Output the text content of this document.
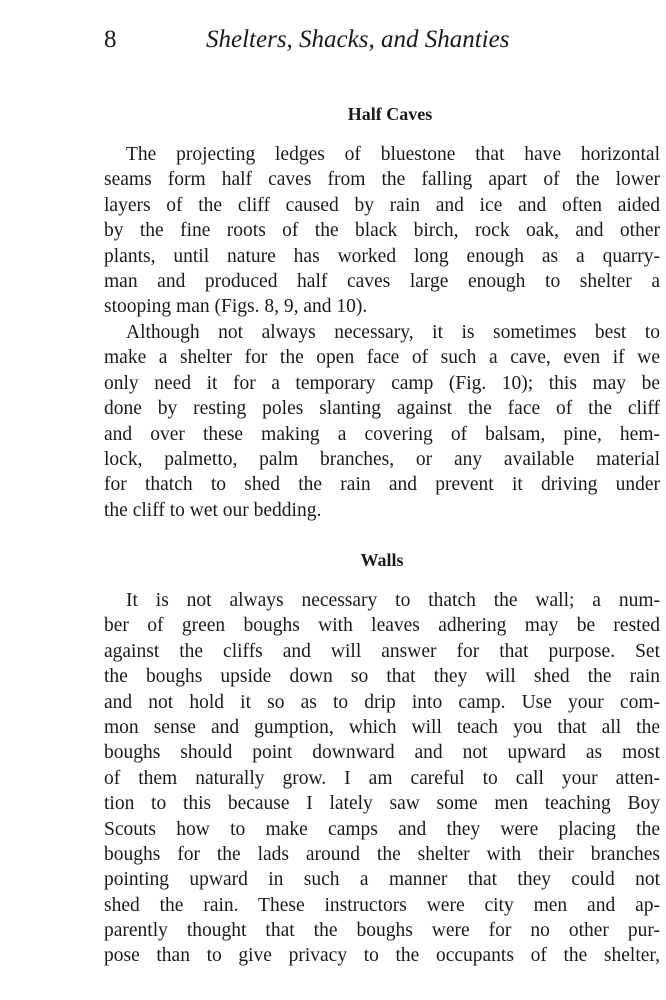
8	Shelters, Shacks, and Shanties
Half Caves
The projecting ledges of bluestone that have horizontal
seams form half caves from the falling apart of the lower
layers of the cliff caused by rain and ice and often aided
by the fine roots of the black birch, rock oak, and other
plants, until nature has worked long enough as a quarry-
man and produced half caves large enough to shelter a
stooping man (Figs. 8, 9, and 10).
Although not always necessary, it is sometimes best to
make a shelter for the open face of such a cave, even if we
only need it for a temporary camp (Fig. 10); this may be
done by resting poles slanting against the face of the cliff
and over these making a covering of balsam, pine, hem-
lock, palmetto, palm branches, or any available material
for thatch to shed the rain and prevent it driving under
the cliff to wet our bedding.
Walls
It is not always necessary to thatch the wall; a num-
ber of green boughs with leaves adhering may be rested
against the cliffs and will answer for that purpose. Set
the boughs upside down so that they will shed the rain
and not hold it so as to drip into camp. Use your com-
mon sense and gumption, which will teach you that all the
boughs should point downward and not upward as most
of them naturally grow. I am careful to call your atten-
tion to this because I lately saw some men teaching Boy
Scouts how to make camps and they were placing the
boughs for the lads around the shelter with their branches
pointing upward in such a manner that they could not
shed the rain. These instructors were city men and ap-
parently thought that the boughs were for no other pur-
pose than to give privacy to the occupants of the shelter,
